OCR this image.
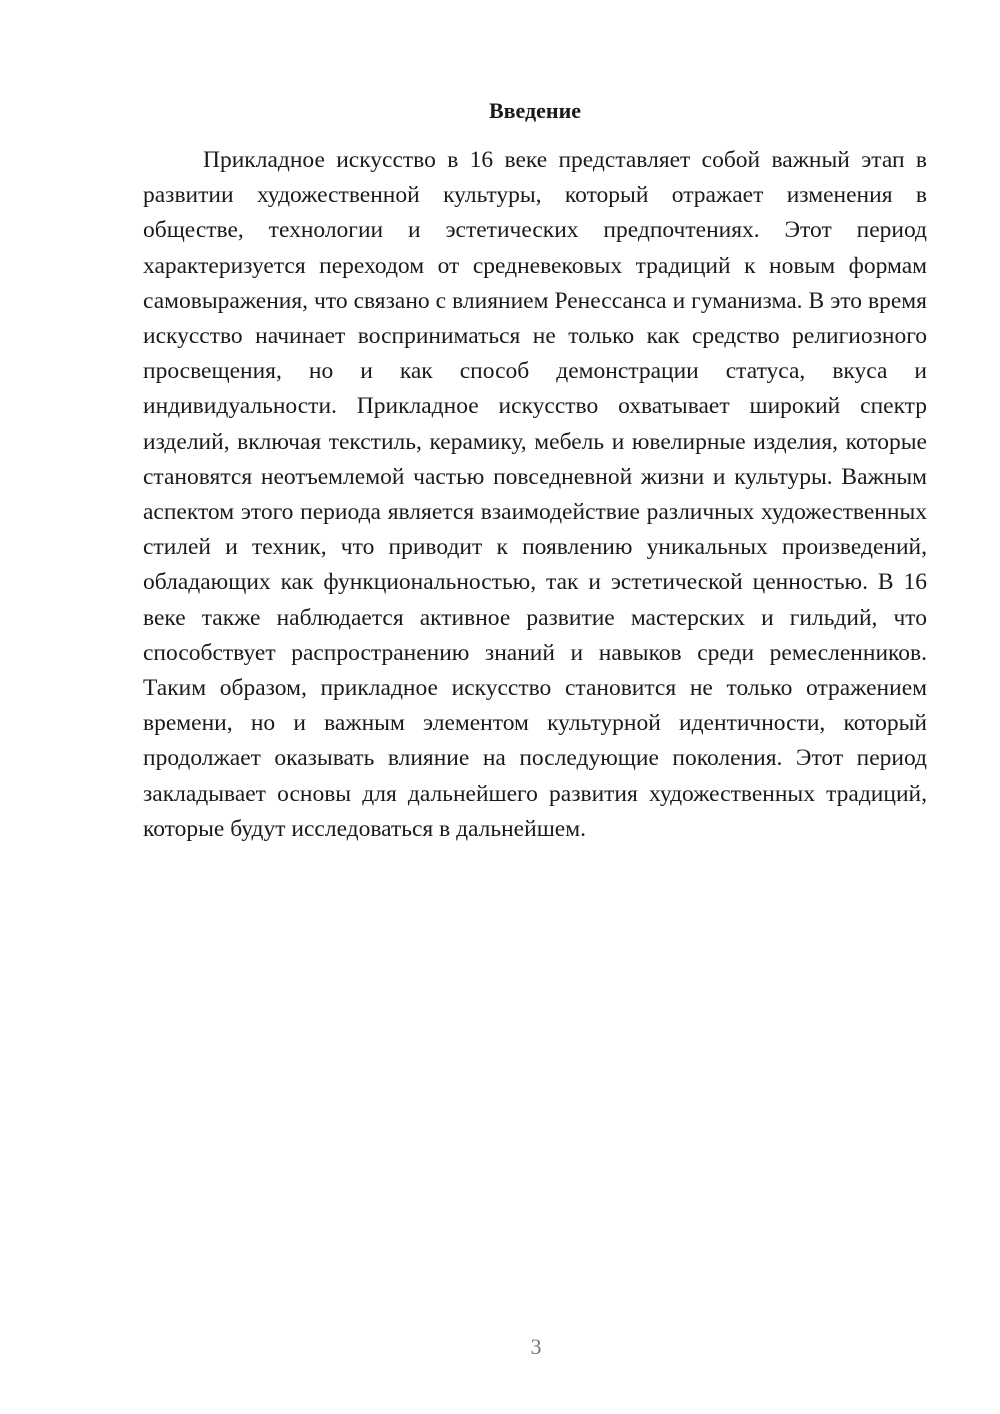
Введение

Прикладное искусство в 16 веке представляет собой важный этап в развитии художественной культуры, который отражает изменения в обществе, технологии и эстетических предпочтениях. Этот период характеризуется переходом от средневековых традиций к новым формам самовыражения, что связано с влиянием Ренессанса и гуманизма. В это время искусство начинает восприниматься не только как средство религиозного просвещения, но и как способ демонстрации статуса, вкуса и индивидуальности. Прикладное искусство охватывает широкий спектр изделий, включая текстиль, керамику, мебель и ювелирные изделия, которые становятся неотъемлемой частью повседневной жизни и культуры. Важным аспектом этого периода является взаимодействие различных художественных стилей и техник, что приводит к появлению уникальных произведений, обладающих как функциональностью, так и эстетической ценностью. В 16 веке также наблюдается активное развитие мастерских и гильдий, что способствует распространению знаний и навыков среди ремесленников. Таким образом, прикладное искусство становится не только отражением времени, но и важным элементом культурной идентичности, который продолжает оказывать влияние на последующие поколения. Этот период закладывает основы для дальнейшего развития художественных традиций, которые будут исследоваться в дальнейшем.

3
